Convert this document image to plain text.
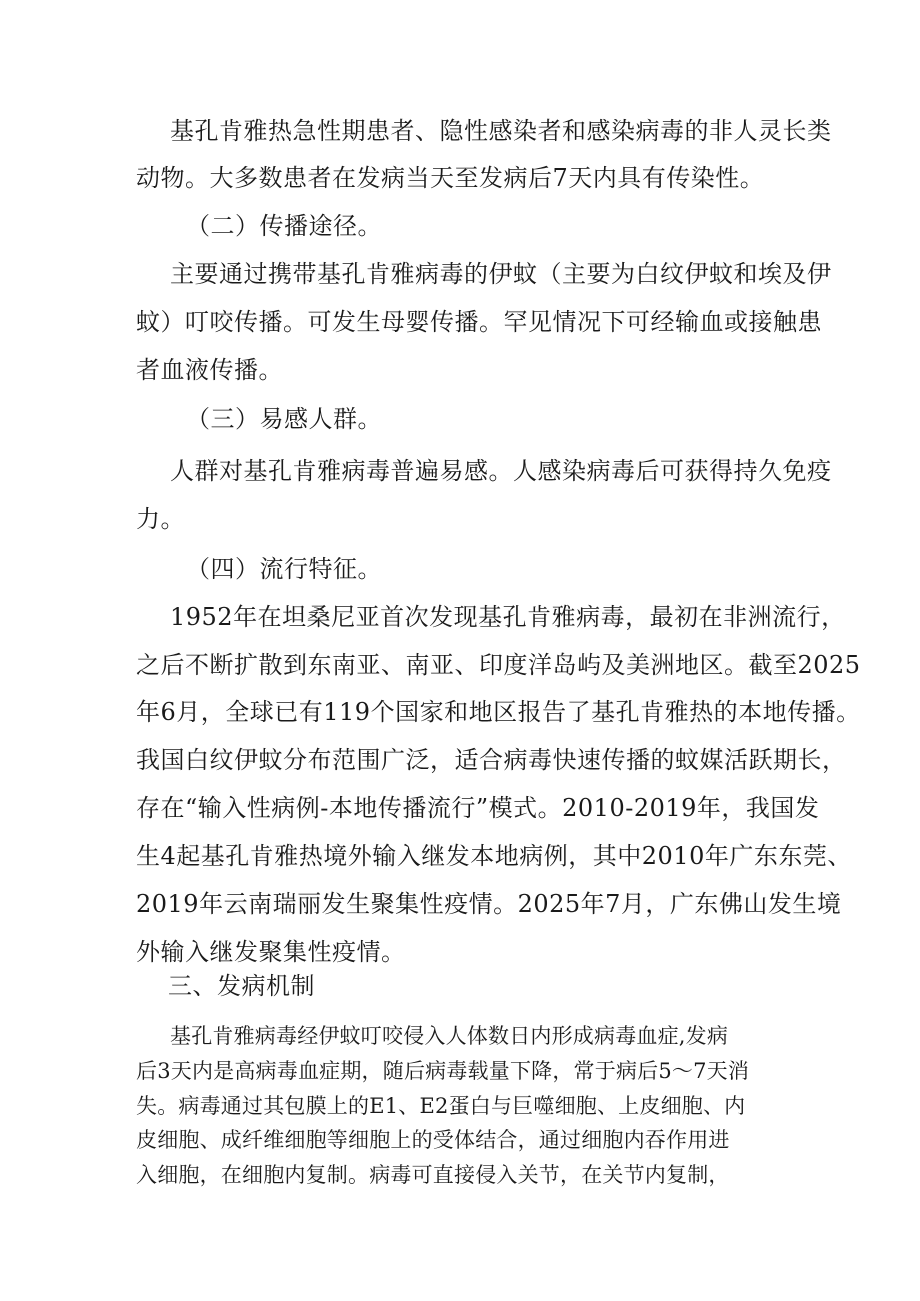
基孔肯雅热急性期患者、隐性感染者和感染病毒的非人灵长类

动物。大多数患者在发病当天至发病后7天内具有传染性。

（二）传播途径。

主要通过携带基孔肯雅病毒的伊蚊（主要为白纹伊蚊和埃及伊

蚊）叮咬传播。可发生母婴传播。罕见情况下可经输血或接触患

者血液传播。

（三）易感人群。

人群对基孔肯雅病毒普遍易感。人感染病毒后可获得持久免疫

力。

（四）流行特征。

1952年在坦桑尼亚首次发现基孔肯雅病毒，最初在非洲流行，

之后不断扩散到东南亚、南亚、印度洋岛屿及美洲地区。截至2025

年6月，全球已有119个国家和地区报告了基孔肯雅热的本地传播。

我国白纹伊蚊分布范围广泛，适合病毒快速传播的蚊媒活跃期长，

存在“输入性病例-本地传播流行”模式。2010-2019年，我国发

生4起基孔肯雅热境外输入继发本地病例，其中2010年广东东莞、

2019年云南瑞丽发生聚集性疫情。2025年7月，广东佛山发生境

外输入继发聚集性疫情。

三、发病机制

基孔肯雅病毒经伊蚊叮咬侵入人体数日内形成病毒血症,发病

后3天内是高病毒血症期，随后病毒载量下降，常于病后5～7天消

失。病毒通过其包膜上的E1、E2蛋白与巨噬细胞、上皮细胞、内

皮细胞、成纤维细胞等细胞上的受体结合，通过细胞内吞作用进

入细胞，在细胞内复制。病毒可直接侵入关节，在关节内复制，
